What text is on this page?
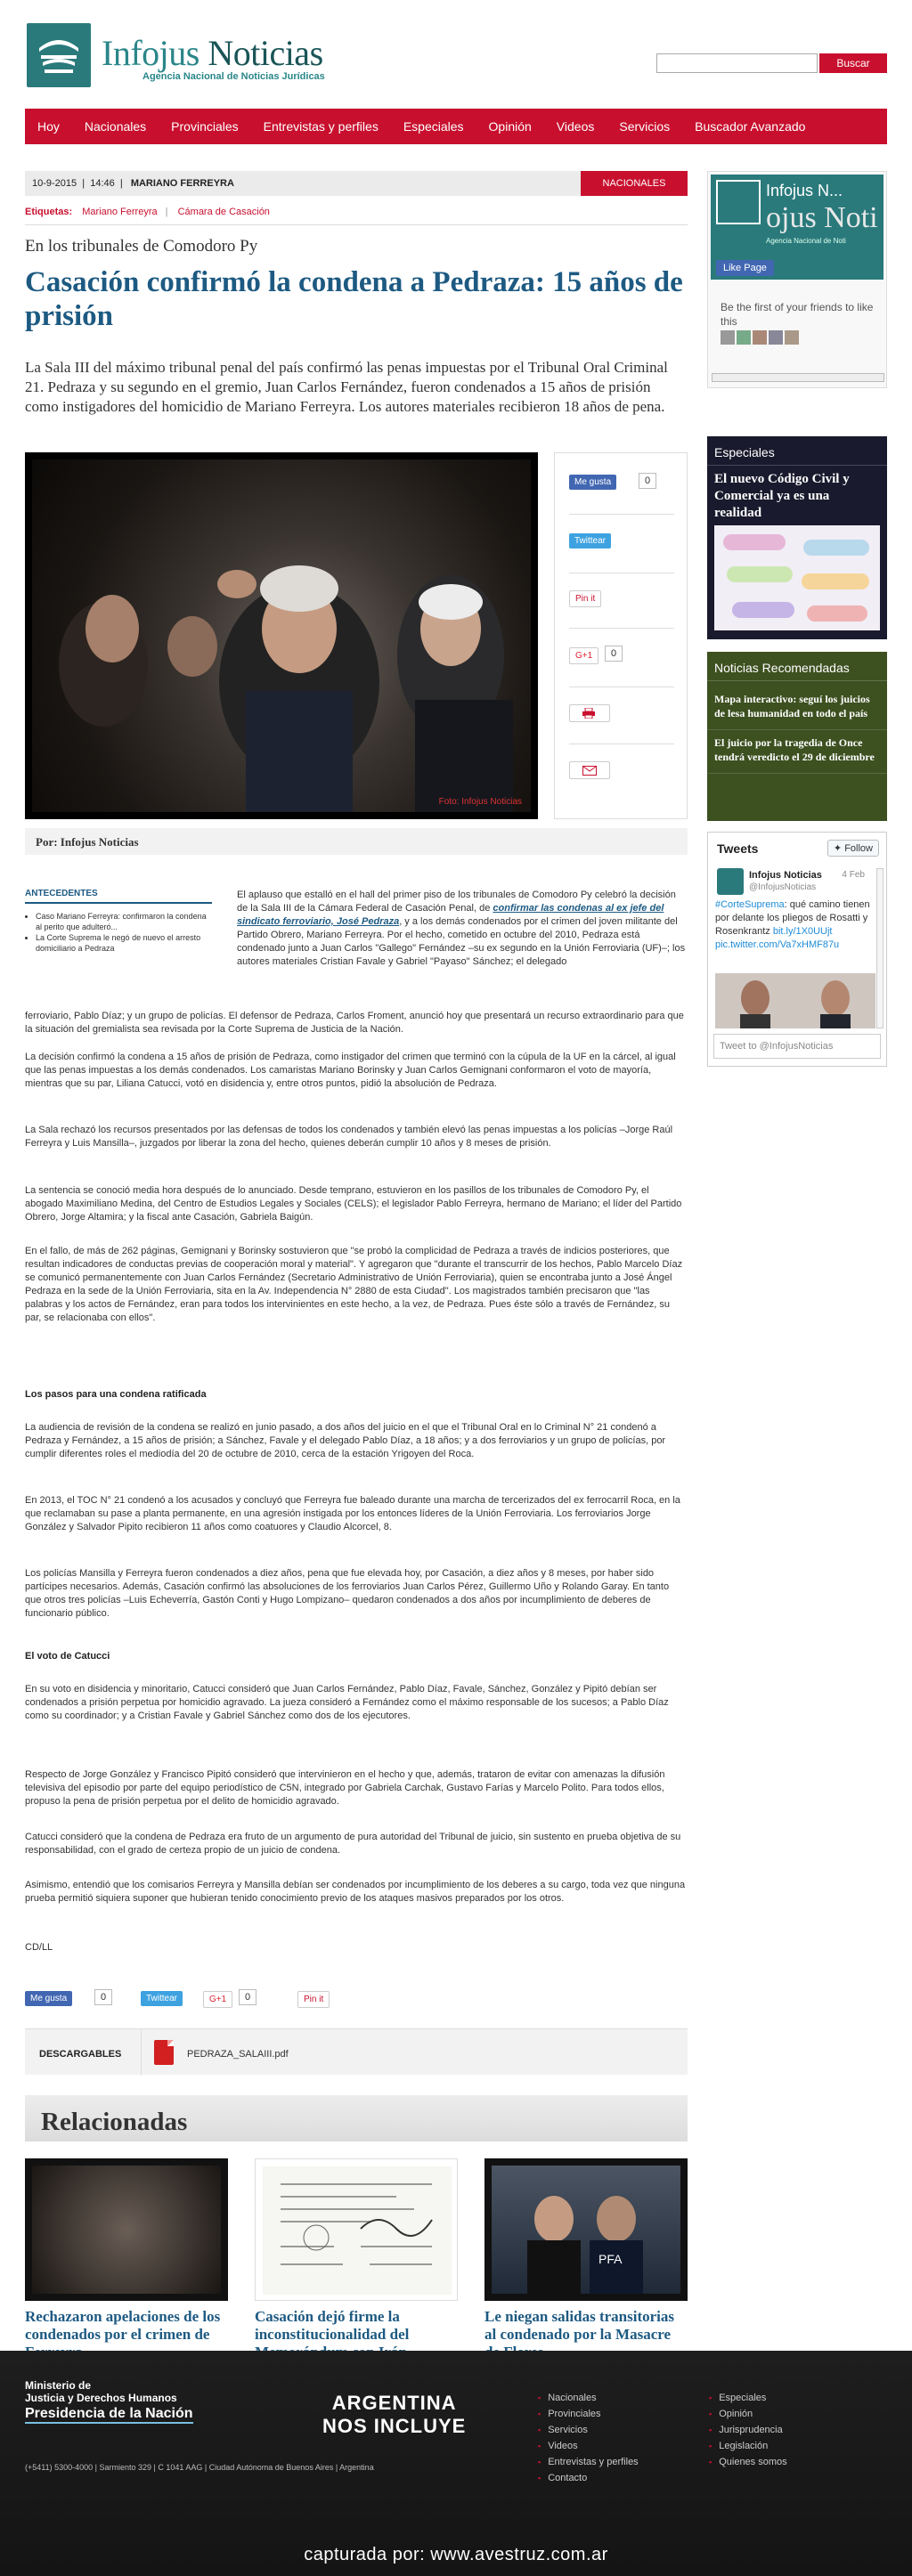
Infojus Noticias
Agencia Nacional de Noticias Jurídicas
Buscar
Hoy Nacionales Provinciales Entrevistas y perfiles Especiales Opinión Videos Servicios Buscador Avanzado
10-9-2015  |  14:46  | MARIANO FERREYRA	NACIONALES
Etiquetas: Mariano Ferreyra | Cámara de Casación
En los tribunales de Comodoro Py
Casación confirmó la condena a Pedraza: 15 años de prisión

La Sala III del máximo tribunal penal del país confirmó las penas impuestas por el Tribunal Oral Criminal 21. Pedraza y su segundo en el gremio, Juan Carlos Fernández, fueron condenados a 15 años de prisión como instigadores del homicidio de Mariano Ferreyra. Los autores materiales recibieron 18 años de pena.

Foto: Infojus Noticias
Me gusta	0
Twittear
Pin it
G+1	0
Por: Infojus Noticias
ANTECEDENTES
• Caso Mariano Ferreyra: confirmaron la condena al perito que adulteró...
• La Corte Suprema le negó de nuevo el arresto domiciliario a Pedraza
El aplauso que estalló en el hall del primer piso de los tribunales de Comodoro Py celebró la decisión de la Sala III de la Cámara Federal de Casación Penal, de confirmar las condenas al ex jefe del sindicato ferroviario, José Pedraza, y a los demás condenados por el crimen del joven militante del Partido Obrero, Mariano Ferreyra. Por el hecho, cometido en octubre del 2010, Pedraza está condenado junto a Juan Carlos "Gallego" Fernández –su ex segundo en la Unión Ferroviaria (UF)–; los autores materiales Cristian Favale y Gabriel "Payaso" Sánchez; el delegado
ferroviario, Pablo Díaz; y un grupo de policías. El defensor de Pedraza, Carlos Froment, anunció hoy que presentará un recurso extraordinario para que la situación del gremialista sea revisada por la Corte Suprema de Justicia de la Nación.
La decisión confirmó la condena a 15 años de prisión de Pedraza, como instigador del crimen que terminó con la cúpula de la UF en la cárcel, al igual que las penas impuestas a los demás condenados. Los camaristas Mariano Borinsky y Juan Carlos Gemignani conformaron el voto de mayoría, mientras que su par, Liliana Catucci, votó en disidencia y, entre otros puntos, pidió la absolución de Pedraza.
La Sala rechazó los recursos presentados por las defensas de todos los condenados y también elevó las penas impuestas a los policías –Jorge Raúl Ferreyra y Luis Mansilla–, juzgados por liberar la zona del hecho, quienes deberán cumplir 10 años y 8 meses de prisión.
La sentencia se conoció media hora después de lo anunciado. Desde temprano, estuvieron en los pasillos de los tribunales de Comodoro Py, el abogado Maximiliano Medina, del Centro de Estudios Legales y Sociales (CELS); el legislador Pablo Ferreyra, hermano de Mariano; el líder del Partido Obrero, Jorge Altamira; y la fiscal ante Casación, Gabriela Baigún.
En el fallo, de más de 262 páginas, Gemignani y Borinsky sostuvieron que "se probó la complicidad de Pedraza a través de indicios posteriores, que resultan indicadores de conductas previas de cooperación moral y material". Y agregaron que "durante el transcurrir de los hechos, Pablo Marcelo Díaz se comunicó permanentemente con Juan Carlos Fernández (Secretario Administrativo de Unión Ferroviaria), quien se encontraba junto a José Ángel Pedraza en la sede de la Unión Ferroviaria, sita en la Av. Independencia N° 2880 de esta Ciudad". Los magistrados también precisaron que "las palabras y los actos de Fernández, eran para todos los intervinientes en este hecho, a la vez, de Pedraza. Pues éste sólo a través de Fernández, su par, se relacionaba con ellos".
Los pasos para una condena ratificada
La audiencia de revisión de la condena se realizó en junio pasado, a dos años del juicio en el que el Tribunal Oral en lo Criminal N° 21 condenó a Pedraza y Fernández, a 15 años de prisión; a Sánchez, Favale y el delegado Pablo Díaz, a 18 años; y a dos ferroviarios y un grupo de policías, por cumplir diferentes roles el mediodía del 20 de octubre de 2010, cerca de la estación Yrigoyen del Roca.
En 2013, el TOC N° 21 condenó a los acusados y concluyó que Ferreyra fue baleado durante una marcha de tercerizados del ex ferrocarril Roca, en la que reclamaban su pase a planta permanente, en una agresión instigada por los entonces líderes de la Unión Ferroviaria. Los ferroviarios Jorge González y Salvador Pipito recibieron 11 años como coatuores y Claudio Alcorcel, 8.
Los policías Mansilla y Ferreyra fueron condenados a diez años, pena que fue elevada hoy, por Casación, a diez años y 8 meses, por haber sido partícipes necesarios. Además, Casación confirmó las absoluciones de los ferroviarios Juan Carlos Pérez, Guillermo Uño y Rolando Garay. En tanto que otros tres policías –Luis Echeverría, Gastón Conti y Hugo Lompizano– quedaron condenados a dos años por incumplimiento de deberes de funcionario público.
El voto de Catucci
En su voto en disidencia y minoritario, Catucci consideró que Juan Carlos Fernández, Pablo Díaz, Favale, Sánchez, González y Pipitó debían ser condenados a prisión perpetua por homicidio agravado. La jueza consideró a Fernández como el máximo responsable de los sucesos; a Pablo Díaz como su coordinador; y a Cristian Favale y Gabriel Sánchez como dos de los ejecutores.
Respecto de Jorge González y Francisco Pipitó consideró que intervinieron en el hecho y que, además, trataron de evitar con amenazas la difusión televisiva del episodio por parte del equipo periodístico de C5N, integrado por Gabriela Carchak, Gustavo Farías y Marcelo Polito. Para todos ellos, propuso la pena de prisión perpetua por el delito de homicidio agravado.
Catucci consideró que la condena de Pedraza era fruto de un argumento de pura autoridad del Tribunal de juicio, sin sustento en prueba objetiva de su responsabilidad, con el grado de certeza propio de un juicio de condena.
Asimismo, entendió que los comisarios Ferreyra y Mansilla debían ser condenados por incumplimiento de los deberes a su cargo, toda vez que ninguna prueba permitió siquiera suponer que hubieran tenido conocimiento previo de los ataques masivos preparados por los otros.
CD/LL
Me gusta	0	Twittear	G+1	0	Pin it
DESCARGABLES	PEDRAZA_SALAIII.pdf
Relacionadas
PFA
Rechazaron apelaciones de los condenados por el crimen de
Casación dejó firme la inconstitucionalidad del
Le niegan salidas transitorias al condenado por la Masacre
Infojus N...
ojus Noti
Agencia Nacional de Noti
Like Page
Be the first of your friends to like this
Especiales
El nuevo Código Civil y Comercial ya es una realidad
Noticias Recomendadas
Mapa interactivo: seguí los juicios de lesa humanidad en todo el país
El juicio por la tragedia de Once tendrá veredicto el 29 de diciembre
Tweets	✦ Follow
Infojus Noticias
@InfojusNoticias
4 Feb
#CorteSuprema: qué camino tienen por delante los pliegos de Rosatti y Rosenkrantz bit.ly/1X0UUjt pic.twitter.com/Va7xHMF87u
Tweet to @InfojusNoticias
Ministerio de
Justicia y Derechos Humanos
Presidencia de la Nación
(+5411) 5300-4000 | Sarmiento 329 | C 1041 AAG | Ciudad Autónoma de Buenos Aires | Argentina
ARGENTINA
NOS INCLUYE
▪ Nacionales
▪ Provinciales
▪ Servicios
▪ Videos
▪ Entrevistas y perfiles
▪ Contacto
▪ Especiales
▪ Opinión
▪ Jurisprudencia
▪ Legislación
▪ Quienes somos
capturada por: www.avestruz.com.ar
